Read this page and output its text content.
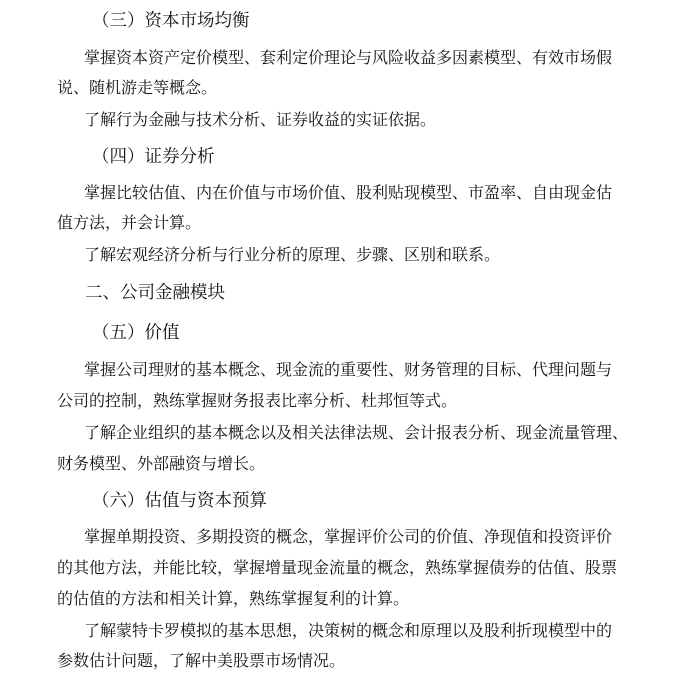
（三）资本市场均衡
掌握资本资产定价模型、套利定价理论与风险收益多因素模型、有效市场假
说、随机游走等概念。
了解行为金融与技术分析、证券收益的实证依据。
（四）证券分析
掌握比较估值、内在价值与市场价值、股利贴现模型、市盈率、自由现金估
值方法，并会计算。
了解宏观经济分析与行业分析的原理、步骤、区别和联系。
二、公司金融模块
（五）价值
掌握公司理财的基本概念、现金流的重要性、财务管理的目标、代理问题与
公司的控制，熟练掌握财务报表比率分析、杜邦恒等式。
了解企业组织的基本概念以及相关法律法规、会计报表分析、现金流量管理、
财务模型、外部融资与增长。
（六）估值与资本预算
掌握单期投资、多期投资的概念，掌握评价公司的价值、净现值和投资评价
的其他方法，并能比较，掌握增量现金流量的概念，熟练掌握债券的估值、股票
的估值的方法和相关计算，熟练掌握复利的计算。
了解蒙特卡罗模拟的基本思想，决策树的概念和原理以及股利折现模型中的
参数估计问题，了解中美股票市场情况。
